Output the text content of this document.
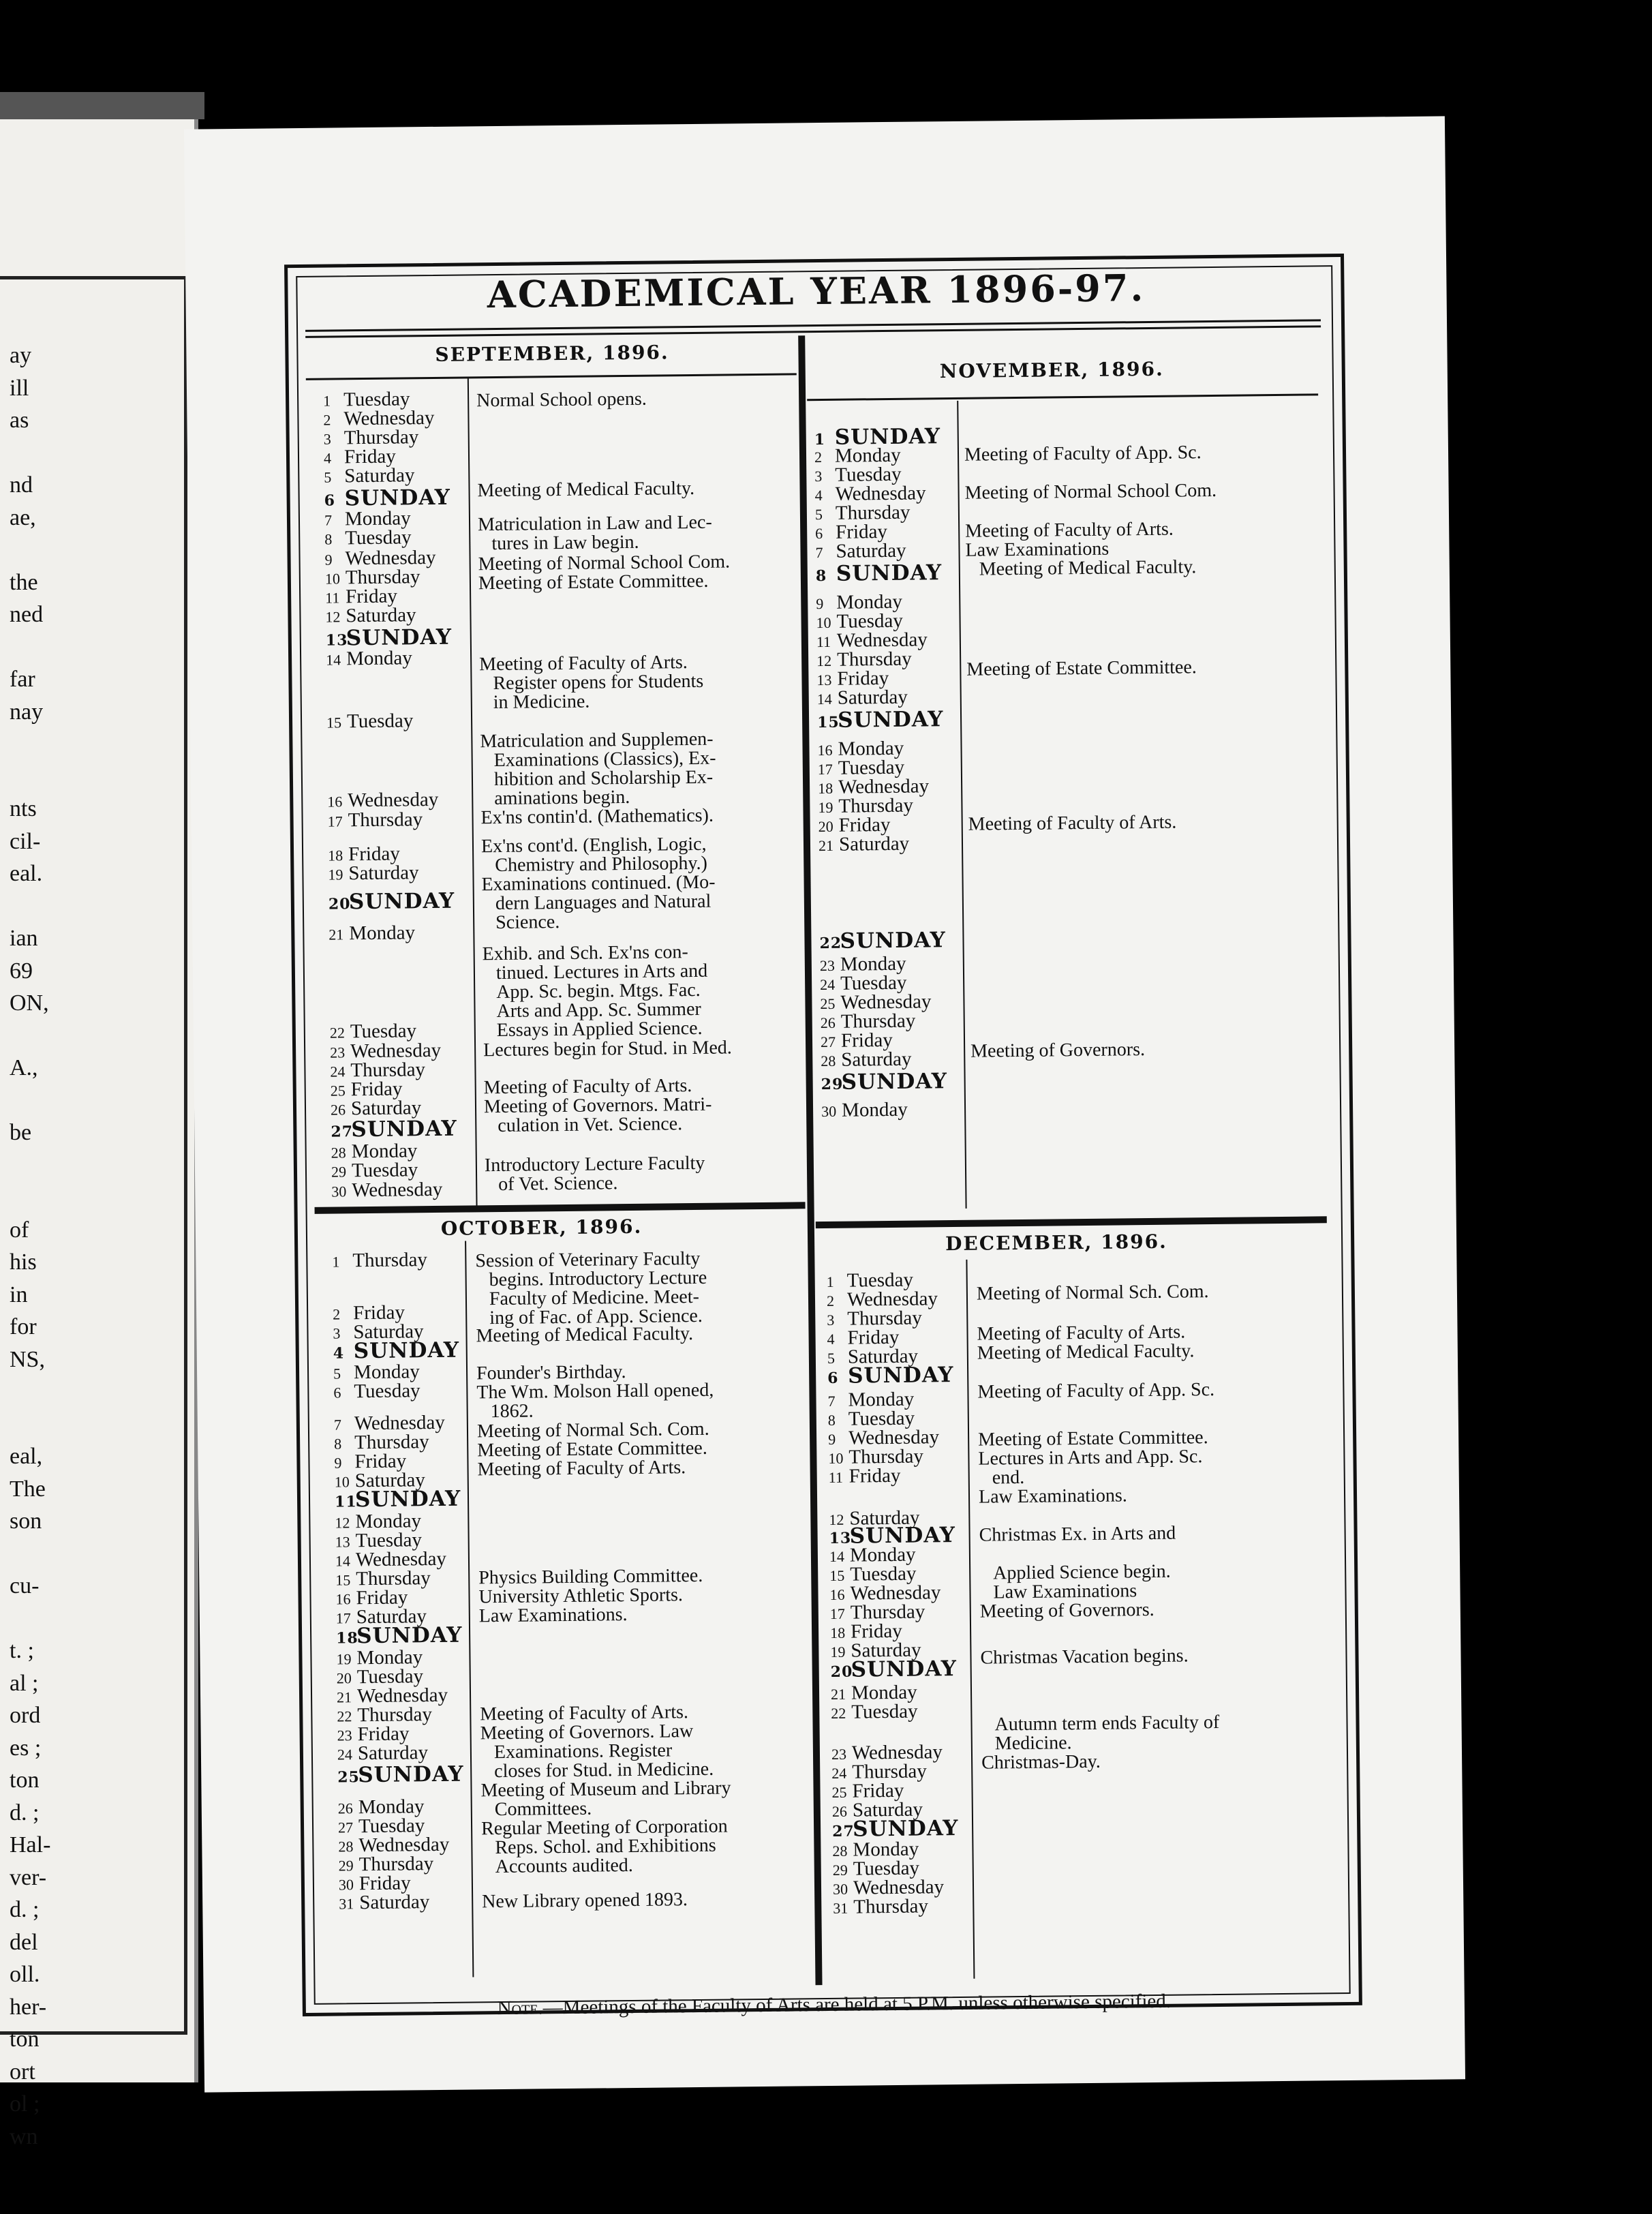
ay
ill
as
nd
ae,
the
ned
far
nay
nts
cil-
eal.
ian
69
ON,
A.,
be
of
his
in
for
NS,
eal,
The
son
cu-
t. ;
al ;
ord
es ;
ton
d. ;
Hal-
ver-
d. ;
del
oll.
her-
ton
ort
ol ;
wn
ACADEMICAL YEAR 1896-97.
SEPTEMBER, 1896.
NOVEMBER, 1896.
OCTOBER, 1896.
DECEMBER, 1896.
1 Tuesday
2 Wednesday
3 Thursday
4 Friday
5 Saturday
6 SUNDAY
7 Monday
8 Tuesday
9 Wednesday
10 Thursday
11 Friday
12 Saturday
13SUNDAY
14 Monday
15 Tuesday
16 Wednesday
17 Thursday
18 Friday
19 Saturday
20SUNDAY
21 Monday
22 Tuesday
23 Wednesday
24 Thursday
25 Friday
26 Saturday
27SUNDAY
28 Monday
29 Tuesday
30 Wednesday
Normal School opens.
Meeting of Medical Faculty.
Matriculation in Law and Lec-
tures in Law begin.
Meeting of Normal School Com.
Meeting of Estate Committee.
Meeting of Faculty of Arts.
Register opens for Students
in Medicine.
Matriculation and Supplemen-
Examinations (Classics), Ex-
hibition and Scholarship Ex-
aminations begin.
Ex'ns contin'd. (Mathematics).
Ex'ns cont'd. (English, Logic,
Chemistry and Philosophy.)
Examinations continued. (Mo-
dern Languages and Natural
Science.
Exhib. and Sch. Ex'ns con-
tinued. Lectures in Arts and
App. Sc. begin. Mtgs. Fac.
Arts and App. Sc. Summer
Essays in Applied Science.
Lectures begin for Stud. in Med.
Meeting of Faculty of Arts.
Meeting of Governors. Matri-
culation in Vet. Science.
Introductory Lecture Faculty
of Vet. Science.
1 SUNDAY
2 Monday
3 Tuesday
4 Wednesday
5 Thursday
6 Friday
7 Saturday
8 SUNDAY
9 Monday
10 Tuesday
11 Wednesday
12 Thursday
13 Friday
14 Saturday
15SUNDAY
16 Monday
17 Tuesday
18 Wednesday
19 Thursday
20 Friday
21 Saturday
22SUNDAY
23 Monday
24 Tuesday
25 Wednesday
26 Thursday
27 Friday
28 Saturday
29SUNDAY
30 Monday
Meeting of Faculty of App. Sc.
Meeting of Normal School Com.
Meeting of Faculty of Arts.
Law Examinations
Meeting of Medical Faculty.
Meeting of Estate Committee.
Meeting of Faculty of Arts.
Meeting of Governors.
1 Thursday
2 Friday
3 Saturday
4 SUNDAY
5 Monday
6 Tuesday
7 Wednesday
8 Thursday
9 Friday
10 Saturday
11SUNDAY
12 Monday
13 Tuesday
14 Wednesday
15 Thursday
16 Friday
17 Saturday
18SUNDAY
19 Monday
20 Tuesday
21 Wednesday
22 Thursday
23 Friday
24 Saturday
25SUNDAY
26 Monday
27 Tuesday
28 Wednesday
29 Thursday
30 Friday
31 Saturday
Session of Veterinary Faculty
begins. Introductory Lecture
Faculty of Medicine. Meet-
ing of Fac. of App. Science.
Meeting of Medical Faculty.
Founder's Birthday.
The Wm. Molson Hall opened,
1862.
Meeting of Normal Sch. Com.
Meeting of Estate Committee.
Meeting of Faculty of Arts.
Physics Building Committee.
University Athletic Sports.
Law Examinations.
Meeting of Faculty of Arts.
Meeting of Governors. Law
Examinations. Register
closes for Stud. in Medicine.
Meeting of Museum and Library
Committees.
Regular Meeting of Corporation
Reps. Schol. and Exhibitions
Accounts audited.
New Library opened 1893.
1 Tuesday
2 Wednesday
3 Thursday
4 Friday
5 Saturday
6 SUNDAY
7 Monday
8 Tuesday
9 Wednesday
10 Thursday
11 Friday
12 Saturday
13SUNDAY
14 Monday
15 Tuesday
16 Wednesday
17 Thursday
18 Friday
19 Saturday
20SUNDAY
21 Monday
22 Tuesday
23 Wednesday
24 Thursday
25 Friday
26 Saturday
27SUNDAY
28 Monday
29 Tuesday
30 Wednesday
31 Thursday
Meeting of Normal Sch. Com.
Meeting of Faculty of Arts.
Meeting of Medical Faculty.
Meeting of Faculty of App. Sc.
Meeting of Estate Committee.
Lectures in Arts and App. Sc.
end.
Law Examinations.
Christmas Ex. in Arts and
Applied Science begin.
Law Examinations
Meeting of Governors.
Christmas Vacation begins.
Autumn term ends Faculty of
Medicine.
Christmas-Day.
Note.—Meetings of the Faculty of Arts are held at 5 P.M. unless otherwise specified.
